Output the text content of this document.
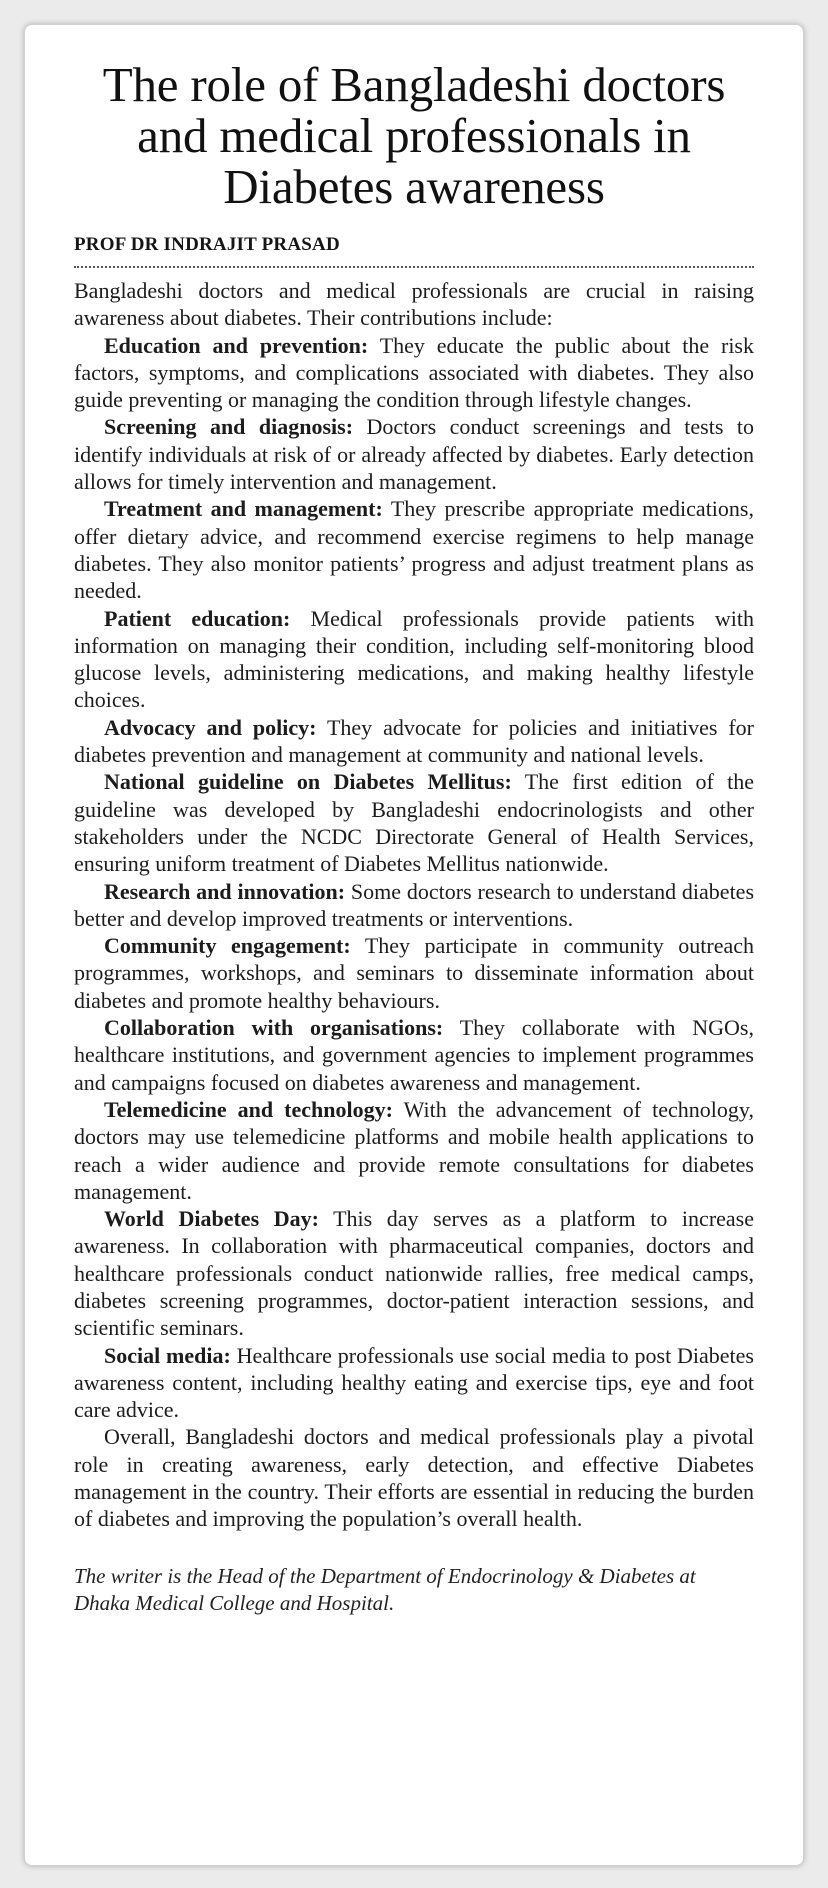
The role of Bangladeshi doctors and medical professionals in Diabetes awareness
PROF DR INDRAJIT PRASAD

Bangladeshi doctors and medical professionals are crucial in raising awareness about diabetes. Their contributions include:

Education and prevention: They educate the public about the risk factors, symptoms, and complications associated with diabetes. They also guide preventing or managing the condition through lifestyle changes.

Screening and diagnosis: Doctors conduct screenings and tests to identify individuals at risk of or already affected by diabetes. Early detection allows for timely intervention and management.

Treatment and management: They prescribe appropriate medications, offer dietary advice, and recommend exercise regimens to help manage diabetes. They also monitor patients’ progress and adjust treatment plans as needed.

Patient education: Medical professionals provide patients with information on managing their condition, including self-monitoring blood glucose levels, administering medications, and making healthy lifestyle choices.

Advocacy and policy: They advocate for policies and initiatives for diabetes prevention and management at community and national levels.

National guideline on Diabetes Mellitus: The first edition of the guideline was developed by Bangladeshi endocrinologists and other stakeholders under the NCDC Directorate General of Health Services, ensuring uniform treatment of Diabetes Mellitus nationwide.

Research and innovation: Some doctors research to understand diabetes better and develop improved treatments or interventions.

Community engagement: They participate in community outreach programmes, workshops, and seminars to disseminate information about diabetes and promote healthy behaviours.

Collaboration with organisations: They collaborate with NGOs, healthcare institutions, and government agencies to implement programmes and campaigns focused on diabetes awareness and management.

Telemedicine and technology: With the advancement of technology, doctors may use telemedicine platforms and mobile health applications to reach a wider audience and provide remote consultations for diabetes management.

World Diabetes Day: This day serves as a platform to increase awareness. In collaboration with pharmaceutical companies, doctors and healthcare professionals conduct nationwide rallies, free medical camps, diabetes screening programmes, doctor-patient interaction sessions, and scientific seminars.

Social media: Healthcare professionals use social media to post Diabetes awareness content, including healthy eating and exercise tips, eye and foot care advice.

Overall, Bangladeshi doctors and medical professionals play a pivotal role in creating awareness, early detection, and effective Diabetes management in the country. Their efforts are essential in reducing the burden of diabetes and improving the population’s overall health.

The writer is the Head of the Department of Endocrinology & Diabetes at Dhaka Medical College and Hospital.
